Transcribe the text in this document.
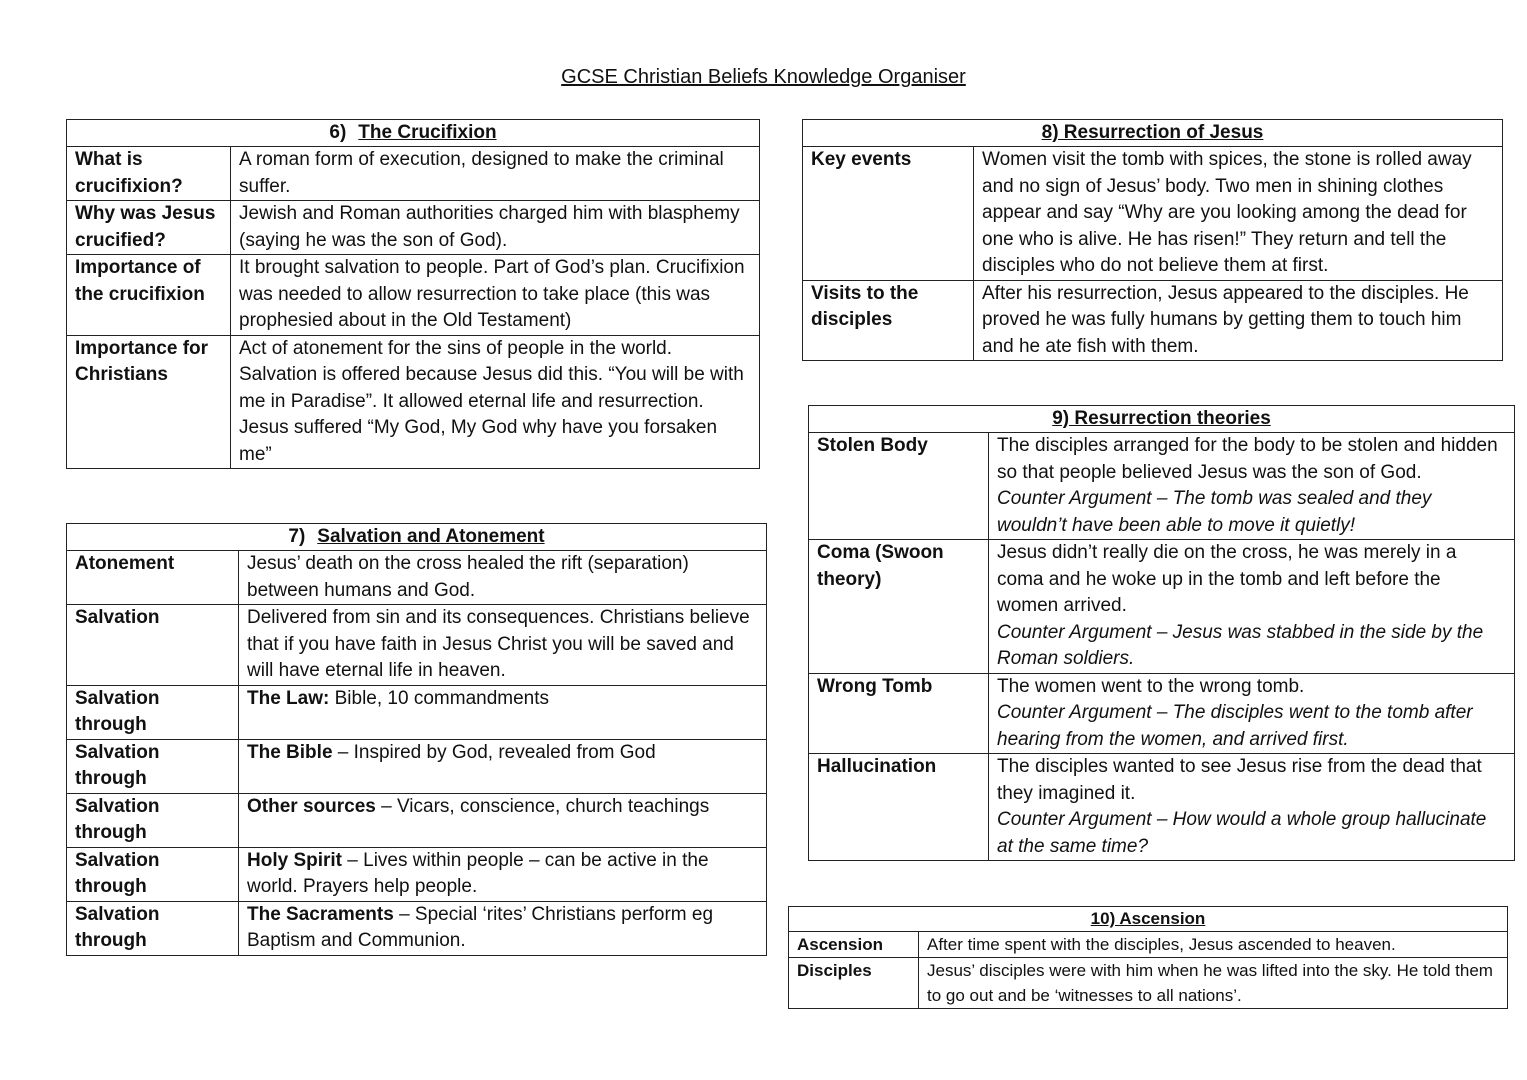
GCSE Christian Beliefs Knowledge Organiser
6) The Crucifixion	
What is crucifixion?	A roman form of execution, designed to make the criminal suffer.
Why was Jesus crucified?	Jewish and Roman authorities charged him with blasphemy (saying he was the son of God).
Importance of the crucifixion	It brought salvation to people. Part of God’s plan. Crucifixion was needed to allow resurrection to take place (this was prophesied about in the Old Testament)
Importance for Christians	Act of atonement for the sins of people in the world. Salvation is offered because Jesus did this. “You will be with me in Paradise”. It allowed eternal life and resurrection. Jesus suffered “My God, My God why have you forsaken me”
7) Salvation and Atonement	
Atonement	Jesus’ death on the cross healed the rift (separation) between humans and God.
Salvation	Delivered from sin and its consequences. Christians believe that if you have faith in Jesus Christ you will be saved and will have eternal life in heaven.
Salvation through	The Law: Bible, 10 commandments
Salvation through	The Bible – Inspired by God, revealed from God
Salvation through	Other sources – Vicars, conscience, church teachings
Salvation through	Holy Spirit – Lives within people – can be active in the world. Prayers help people.
Salvation through	The Sacraments – Special ‘rites’ Christians perform eg Baptism and Communion.
8) Resurrection of Jesus	
Key events	Women visit the tomb with spices, the stone is rolled away and no sign of Jesus’ body. Two men in shining clothes appear and say “Why are you looking among the dead for one who is alive. He has risen!” They return and tell the disciples who do not believe them at first.
Visits to the disciples	After his resurrection, Jesus appeared to the disciples. He proved he was fully humans by getting them to touch him and he ate fish with them.
9) Resurrection theories	
Stolen Body	The disciples arranged for the body to be stolen and hidden so that people believed Jesus was the son of God.
Counter Argument – The tomb was sealed and they wouldn’t have been able to move it quietly!
Coma (Swoon theory)	Jesus didn’t really die on the cross, he was merely in a coma and he woke up in the tomb and left before the women arrived.
Counter Argument – Jesus was stabbed in the side by the Roman soldiers.
Wrong Tomb	The women went to the wrong tomb.
Counter Argument – The disciples went to the tomb after hearing from the women, and arrived first.
Hallucination	The disciples wanted to see Jesus rise from the dead that they imagined it.
Counter Argument – How would a whole group hallucinate at the same time?
10) Ascension	
Ascension	After time spent with the disciples, Jesus ascended to heaven.
Disciples	Jesus’ disciples were with him when he was lifted into the sky. He told them to go out and be ‘witnesses to all nations’.
